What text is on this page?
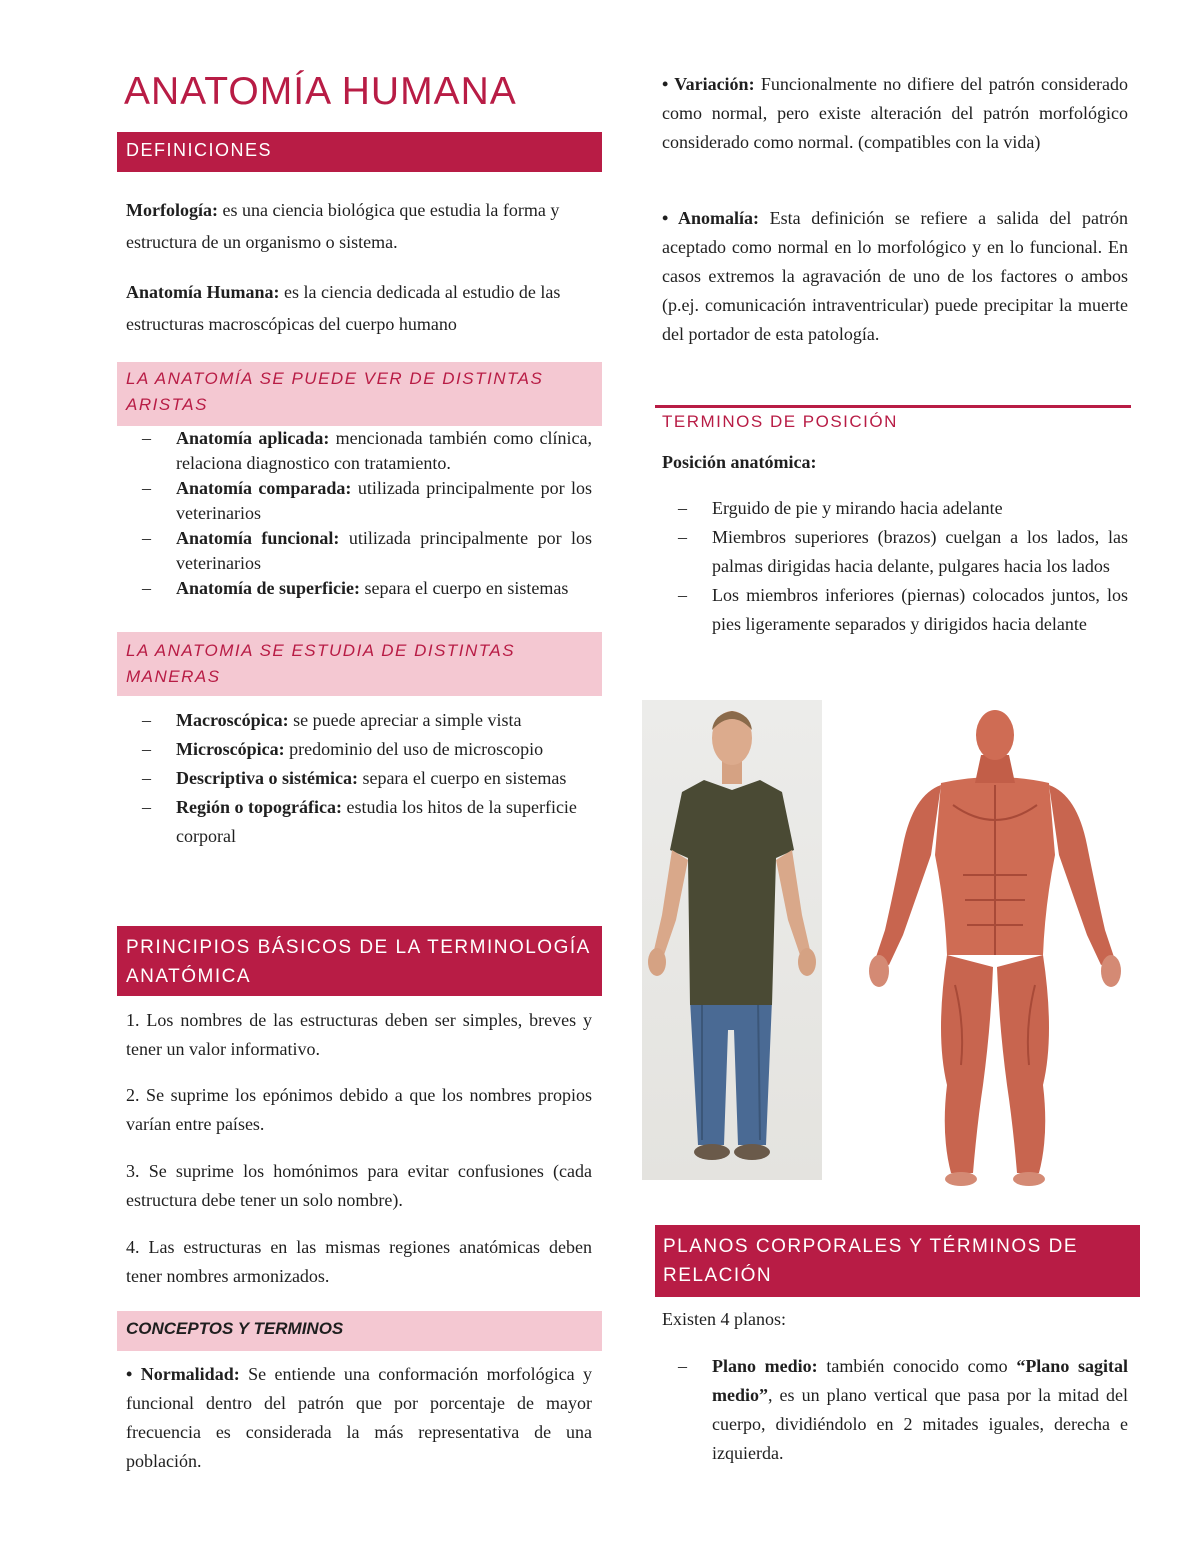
ANATOMÍA HUMANA
DEFINICIONES
Morfología: es una ciencia biológica que estudia la forma y estructura de un organismo o sistema.
Anatomía Humana: es la ciencia dedicada al estudio de las estructuras macroscópicas del cuerpo humano
LA ANATOMÍA SE PUEDE VER DE DISTINTAS ARISTAS
– Anatomía aplicada: mencionada también como clínica, relaciona diagnostico con tratamiento.
– Anatomía comparada: utilizada principalmente por los veterinarios
– Anatomía funcional: utilizada principalmente por los veterinarios
– Anatomía de superficie: separa el cuerpo en sistemas
LA ANATOMIA SE ESTUDIA DE DISTINTAS MANERAS
– Macroscópica: se puede apreciar a simple vista
– Microscópica: predominio del uso de microscopio
– Descriptiva o sistémica: separa el cuerpo en sistemas
– Región o topográfica: estudia los hitos de la superficie corporal
PRINCIPIOS BÁSICOS DE LA TERMINOLOGÍA ANATÓMICA
1. Los nombres de las estructuras deben ser simples, breves y tener un valor informativo.
2. Se suprime los epónimos debido a que los nombres propios varían entre países.
3. Se suprime los homónimos para evitar confusiones (cada estructura debe tener un solo nombre).
4. Las estructuras en las mismas regiones anatómicas deben tener nombres armonizados.
CONCEPTOS Y TERMINOS
• Normalidad: Se entiende una conformación morfológica y funcional dentro del patrón que por porcentaje de mayor frecuencia es considerada la más representativa de una población.
• Variación: Funcionalmente no difiere del patrón considerado como normal, pero existe alteración del patrón morfológico considerado como normal. (compatibles con la vida)
• Anomalía: Esta definición se refiere a salida del patrón aceptado como normal en lo morfológico y en lo funcional. En casos extremos la agravación de uno de los factores o ambos (p.ej. comunicación intraventricular) puede precipitar la muerte del portador de esta patología.
TERMINOS DE POSICIÓN
Posición anatómica:
– Erguido de pie y mirando hacia adelante
– Miembros superiores (brazos) cuelgan a los lados, las palmas dirigidas hacia delante, pulgares hacia los lados
– Los miembros inferiores (piernas) colocados juntos, los pies ligeramente separados y dirigidos hacia delante
PLANOS CORPORALES Y TÉRMINOS DE RELACIÓN
Existen 4 planos:
– Plano medio: también conocido como “Plano sagital medio”, es un plano vertical que pasa por la mitad del cuerpo, dividiéndolo en 2 mitades iguales, derecha e izquierda.
